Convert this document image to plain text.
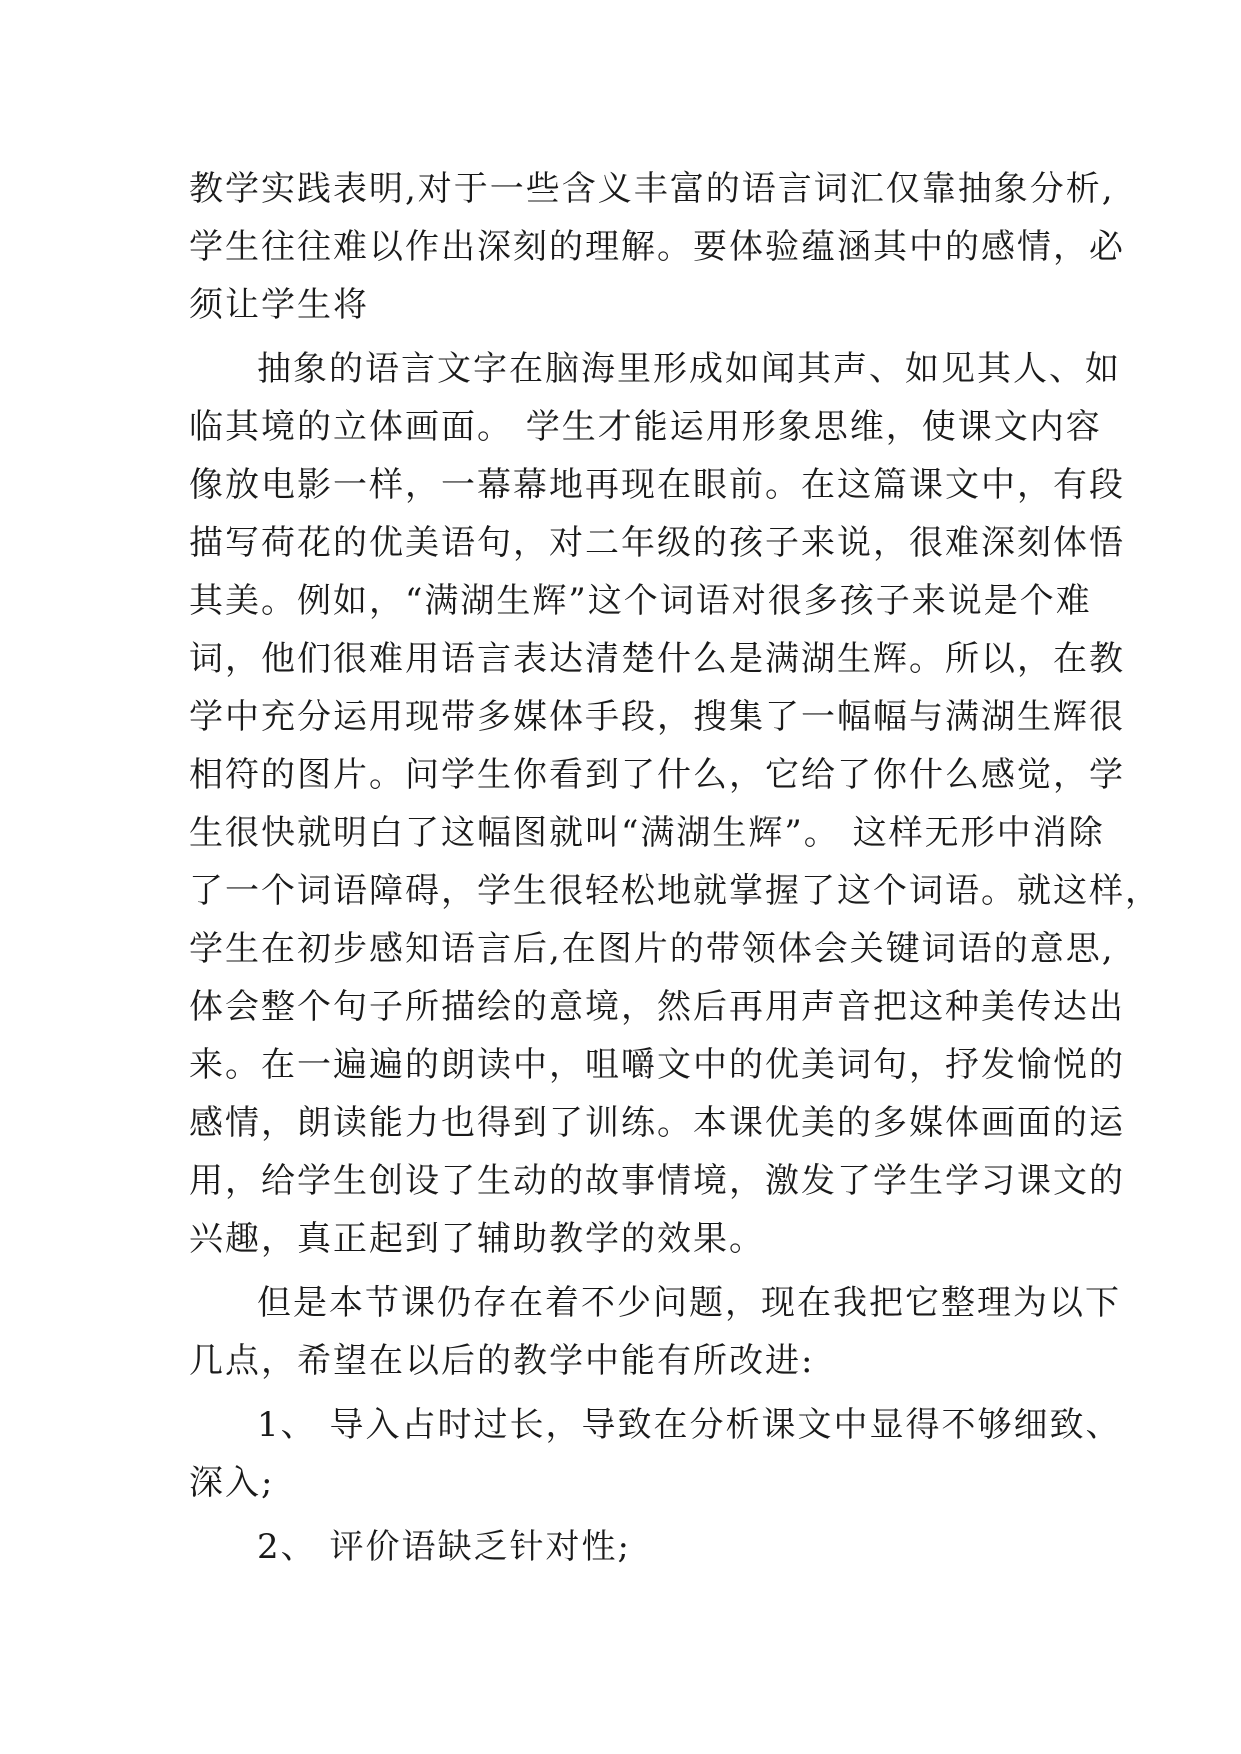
教学实践表明,对于一些含义丰富的语言词汇仅靠抽象分析,
学生往往难以作出深刻的理解。要体验蕴涵其中的感情，必
须让学生将
抽象的语言文字在脑海里形成如闻其声、如见其人、如
临其境的立体画面。 学生才能运用形象思维，使课文内容
像放电影一样，一幕幕地再现在眼前。在这篇课文中，有段
描写荷花的优美语句，对二年级的孩子来说，很难深刻体悟
其美。例如，“满湖生辉”这个词语对很多孩子来说是个难
词，他们很难用语言表达清楚什么是满湖生辉。所以，在教
学中充分运用现带多媒体手段，搜集了一幅幅与满湖生辉很
相符的图片。问学生你看到了什么，它给了你什么感觉，学
生很快就明白了这幅图就叫“满湖生辉”。 这样无形中消除
了一个词语障碍，学生很轻松地就掌握了这个词语。就这样，
学生在初步感知语言后,在图片的带领体会关键词语的意思,
体会整个句子所描绘的意境，然后再用声音把这种美传达出
来。在一遍遍的朗读中，咀嚼文中的优美词句，抒发愉悦的
感情，朗读能力也得到了训练。本课优美的多媒体画面的运
用，给学生创设了生动的故事情境，激发了学生学习课文的
兴趣，真正起到了辅助教学的效果。
但是本节课仍存在着不少问题，现在我把它整理为以下
几点，希望在以后的教学中能有所改进:
1、 导入占时过长，导致在分析课文中显得不够细致、
深入;
2、 评价语缺乏针对性;
